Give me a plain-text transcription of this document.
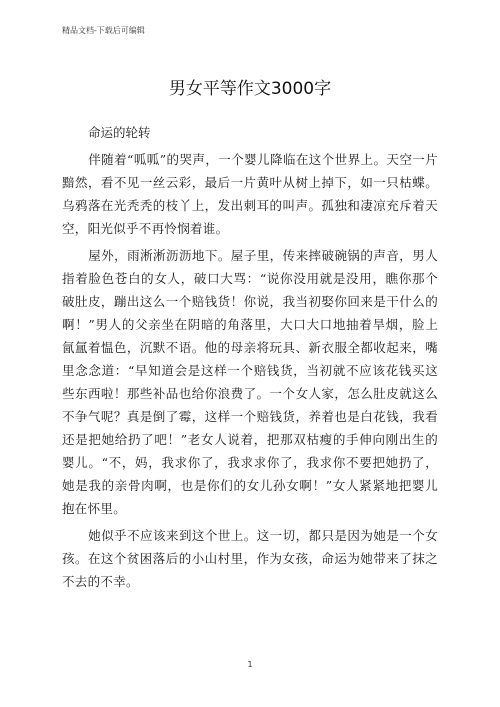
精品文档-下载后可编辑
男女平等作文3000字

命运的轮转

伴随着“呱呱”的哭声，一个婴儿降临在这个世界上。天空一片黯然，看不见一丝云彩，最后一片黄叶从树上掉下，如一只枯蝶。乌鸦落在光秃秃的枝丫上，发出刺耳的叫声。孤独和凄凉充斥着天空，阳光似乎不再怜悯着谁。

屋外，雨淅淅沥沥地下。屋子里，传来摔破碗锅的声音，男人指着脸色苍白的女人，破口大骂：“说你没用就是没用，瞧你那个破肚皮，蹦出这么一个赔钱货！你说，我当初娶你回来是干什么的啊！”男人的父亲坐在阴暗的角落里，大口大口地抽着旱烟，脸上氤氲着愠色，沉默不语。他的母亲将玩具、新衣服全都收起来，嘴里念念道：“早知道会是这样一个赔钱货，当初就不应该花钱买这些东西啦！那些补品也给你浪费了。一个女人家，怎么肚皮就这么不争气呢？真是倒了霉，这样一个赔钱货，养着也是白花钱，我看还是把她给扔了吧！”老女人说着，把那双枯瘦的手伸向刚出生的婴儿。“不，妈，我求你了，我求求你了，我求你不要把她扔了，她是我的亲骨肉啊，也是你们的女儿孙女啊！”女人紧紧地把婴儿抱在怀里。

她似乎不应该来到这个世上。这一切，都只是因为她是一个女孩。在这个贫困落后的小山村里，作为女孩，命运为她带来了抹之不去的不幸。

1
